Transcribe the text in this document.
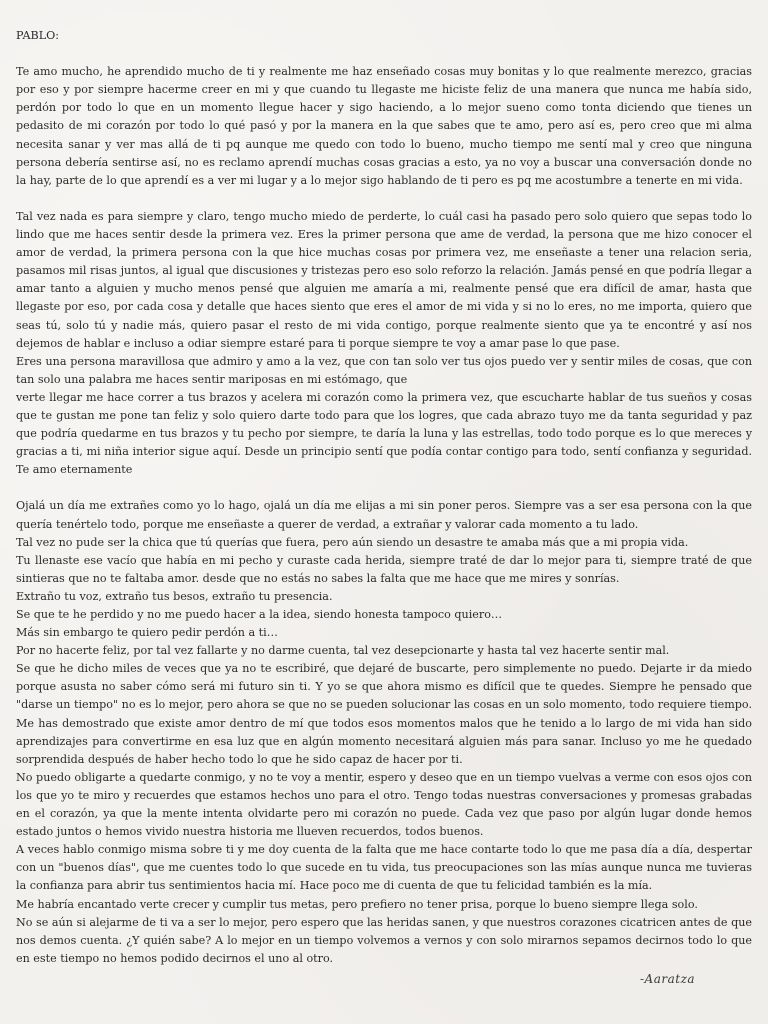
PABLO:

Te amo mucho, he aprendido mucho de ti y realmente me haz enseñado cosas muy bonitas y lo que realmente merezco, gracias por eso y por siempre hacerme creer en mi y que cuando tu llegaste me hiciste feliz de una manera que nunca me había sido, perdón por todo lo que en un momento llegue hacer y sigo haciendo, a lo mejor sueno como tonta diciendo que tienes un pedasito de mi corazón por todo lo qué pasó y por la manera en la que sabes que te amo, pero así es, pero creo que mi alma necesita sanar y ver mas allá de ti pq aunque me quedo con todo lo bueno, mucho tiempo me sentí mal y creo que ninguna persona debería sentirse así, no es reclamo aprendí muchas cosas gracias a esto, ya no voy a buscar una conversación donde no la hay, parte de lo que aprendí es a ver mi lugar y a lo mejor sigo hablando de ti pero es pq me acostumbre a tenerte en mi vida.

Tal vez nada es para siempre y claro, tengo mucho miedo de perderte, lo cuál casi ha pasado pero solo quiero que sepas todo lo lindo que me haces sentir desde la primera vez. Eres la primer persona que ame de verdad, la persona que me hizo conocer el amor de verdad, la primera persona con la que hice muchas cosas por primera vez, me enseñaste a tener una relacion seria, pasamos mil risas juntos, al igual que discusiones y tristezas pero eso solo reforzo la relación. Jamás pensé en que podría llegar a amar tanto a alguien y mucho menos pensé que alguien me amaría a mi, realmente pensé que era difícil de amar, hasta que llegaste por eso, por cada cosa y detalle que haces siento que eres el amor de mi vida y si no lo eres, no me importa, quiero que seas tú, solo tú y nadie más, quiero pasar el resto de mi vida contigo, porque realmente siento que ya te encontré y así nos dejemos de hablar e incluso a odiar siempre estaré para ti porque siempre te voy a amar pase lo que pase.

Eres una persona maravillosa que admiro y amo a la vez, que con tan solo ver tus ojos puedo ver y sentir miles de cosas, que con tan solo una palabra me haces sentir mariposas en mi estómago, que

verte llegar me hace correr a tus brazos y acelera mi corazón como la primera vez, que escucharte hablar de tus sueños y cosas que te gustan me pone tan feliz y solo quiero darte todo para que los logres, que cada abrazo tuyo me da tanta seguridad y paz que podría quedarme en tus brazos y tu pecho por siempre, te daría la luna y las estrellas, todo todo porque es lo que mereces y gracias a ti, mi niña interior sigue aquí. Desde un principio sentí que podía contar contigo para todo, sentí confianza y seguridad. Te amo eternamente

Ojalá un día me extrañes como yo lo hago, ojalá un día me elijas a mi sin poner peros. Siempre vas a ser esa persona con la que quería tenértelo todo, porque me enseñaste a querer de verdad, a extrañar y valorar cada momento a tu lado.

Tal vez no pude ser la chica que tú querías que fuera, pero aún siendo un desastre te amaba más que a mi propia vida.

Tu llenaste ese vacío que había en mi pecho y curaste cada herida, siempre traté de dar lo mejor para ti, siempre traté de que sintieras que no te faltaba amor. desde que no estás no sabes la falta que me hace que me mires y sonrías.

Extraño tu voz, extraño tus besos, extraño tu presencia.

Se que te he perdido y no me puedo hacer a la idea, siendo honesta tampoco quiero…

Más sin embargo te quiero pedir perdón a ti…

Por no hacerte feliz, por tal vez fallarte y no darme cuenta, tal vez desepcionarte y hasta tal vez hacerte sentir mal.

Se que he dicho miles de veces que ya no te escribiré, que dejaré de buscarte, pero simplemente no puedo. Dejarte ir da miedo porque asusta no saber cómo será mi futuro sin ti. Y yo se que ahora mismo es difícil que te quedes. Siempre he pensado que "darse un tiempo" no es lo mejor, pero ahora se que no se pueden solucionar las cosas en un solo momento, todo requiere tiempo. Me has demostrado que existe amor dentro de mí que todos esos momentos malos que he tenido a lo largo de mi vida han sido aprendizajes para convertirme en esa luz que en algún momento necesitará alguien más para sanar. Incluso yo me he quedado sorprendida después de haber hecho todo lo que he sido capaz de hacer por ti.

No puedo obligarte a quedarte conmigo, y no te voy a mentir, espero y deseo que en un tiempo vuelvas a verme con esos ojos con los que yo te miro y recuerdes que estamos hechos uno para el otro. Tengo todas nuestras conversaciones y promesas grabadas en el corazón, ya que la mente intenta olvidarte pero mi corazón no puede. Cada vez que paso por algún lugar donde hemos estado juntos o hemos vivido nuestra historia me llueven recuerdos, todos buenos.

A veces hablo conmigo misma sobre ti y me doy cuenta de la falta que me hace contarte todo lo que me pasa día a día, despertar con un "buenos días", que me cuentes todo lo que sucede en tu vida, tus preocupaciones son las mías aunque nunca me tuvieras la confianza para abrir tus sentimientos hacia mí. Hace poco me di cuenta de que tu felicidad también es la mía.

Me habría encantado verte crecer y cumplir tus metas, pero prefiero no tener prisa, porque lo bueno siempre llega solo.

No se aún si alejarme de ti va a ser lo mejor, pero espero que las heridas sanen, y que nuestros corazones cicatricen antes de que nos demos cuenta. ¿Y quién sabe? A lo mejor en un tiempo volvemos a vernos y con solo mirarnos sepamos decirnos todo lo que en este tiempo no hemos podido decirnos el uno al otro.

-Aaratza
